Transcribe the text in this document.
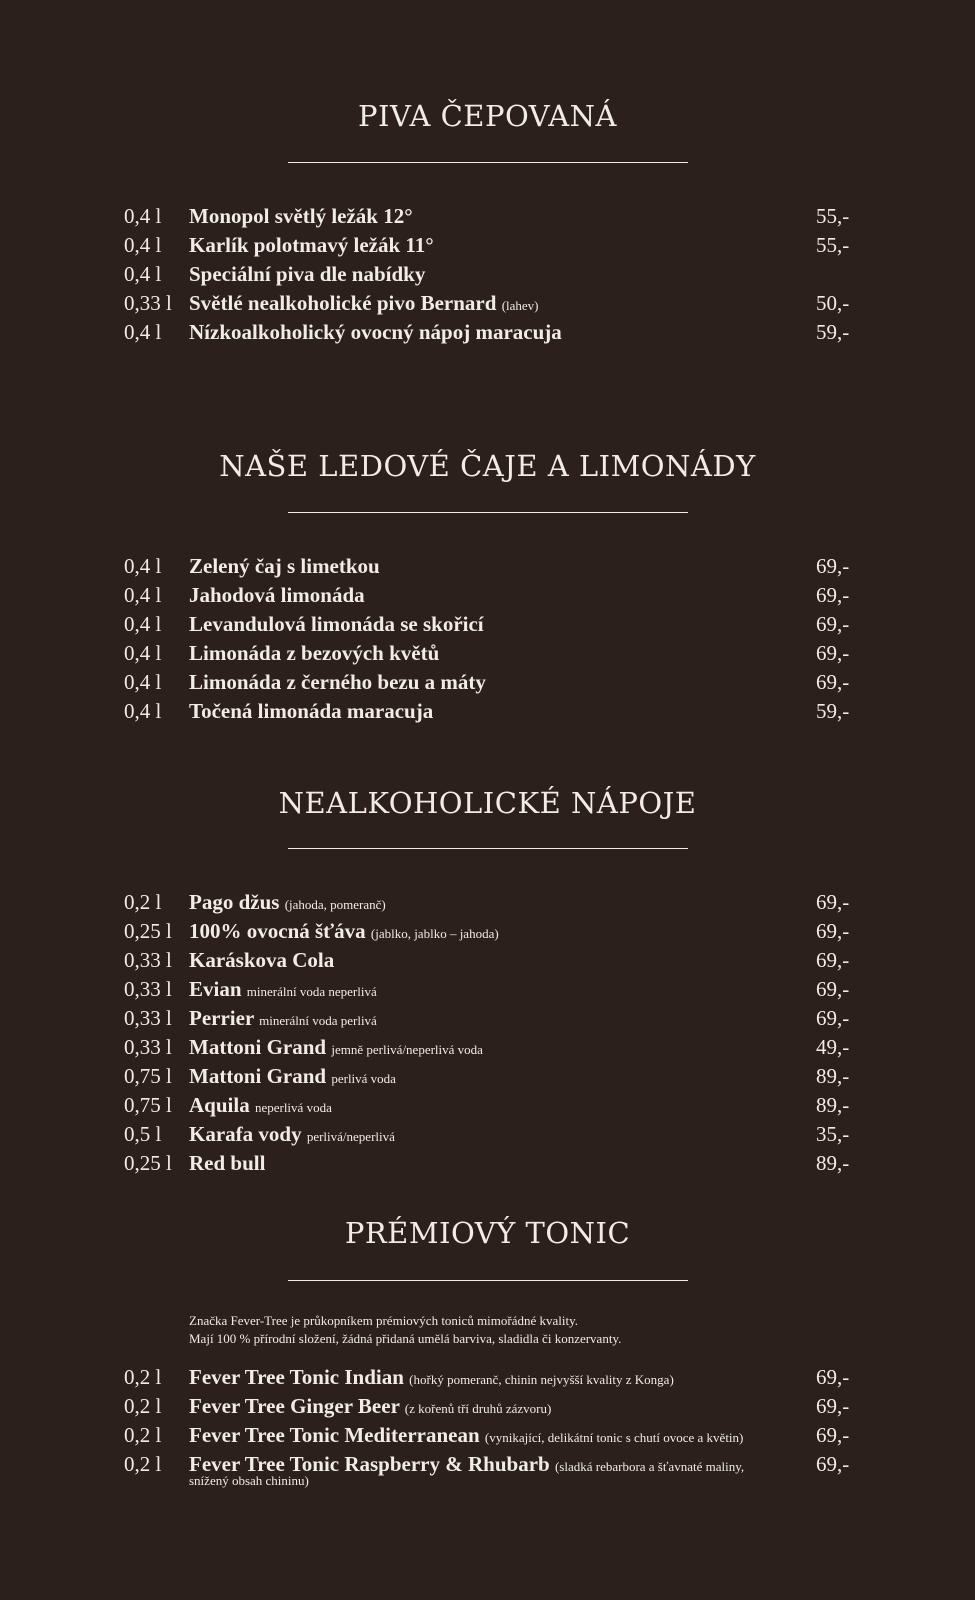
PIVA ČEPOVANÁ
0,4 l Monopol světlý ležák 12°	55,-
0,4 l Karlík polotmavý ležák 11°	55,-
0,4 l Speciální piva dle nabídky
0,33 l Světlé nealkoholické pivo Bernard (lahev)	50,-
0,4 l Nízkoalkoholický ovocný nápoj maracuja	59,-
NAŠE LEDOVÉ ČAJE A LIMONÁDY
0,4 l Zelený čaj s limetkou	69,-
0,4 l Jahodová limonáda	69,-
0,4 l Levandulová limonáda se skořicí	69,-
0,4 l Limonáda z bezových květů	69,-
0,4 l Limonáda z černého bezu a máty	69,-
0,4 l Točená limonáda maracuja	59,-
NEALKOHOLICKÉ NÁPOJE
0,2 l Pago džus (jahoda, pomeranč)	69,-
0,25 l 100% ovocná šťáva (jablko, jablko – jahoda)	69,-
0,33 l Karáskova Cola	69,-
0,33 l Evian minerální voda neperlivá	69,-
0,33 l Perrier minerální voda perlivá	69,-
0,33 l Mattoni Grand jemně perlivá/neperlivá voda	49,-
0,75 l Mattoni Grand perlivá voda	89,-
0,75 l Aquila neperlivá voda	89,-
0,5 l Karafa vody perlivá/neperlivá	35,-
0,25 l Red bull	89,-
PRÉMIOVÝ TONIC
Značka Fever-Tree je průkopníkem prémiových toniců mimořádné kvality.
Mají 100 % přírodní složení, žádná přidaná umělá barviva, sladidla či konzervanty.
0,2 l Fever Tree Tonic Indian (hořký pomeranč, chinin nejvyšší kvality z Konga)	69,-
0,2 l Fever Tree Ginger Beer (z kořenů tří druhů zázvoru)	69,-
0,2 l Fever Tree Tonic Mediterranean (vynikající, delikátní tonic s chutí ovoce a květin)	69,-
0,2 l Fever Tree Tonic Raspberry & Rhubarb (sladká rebarbora a šťavnaté maliny,	69,-
snížený obsah chininu)
